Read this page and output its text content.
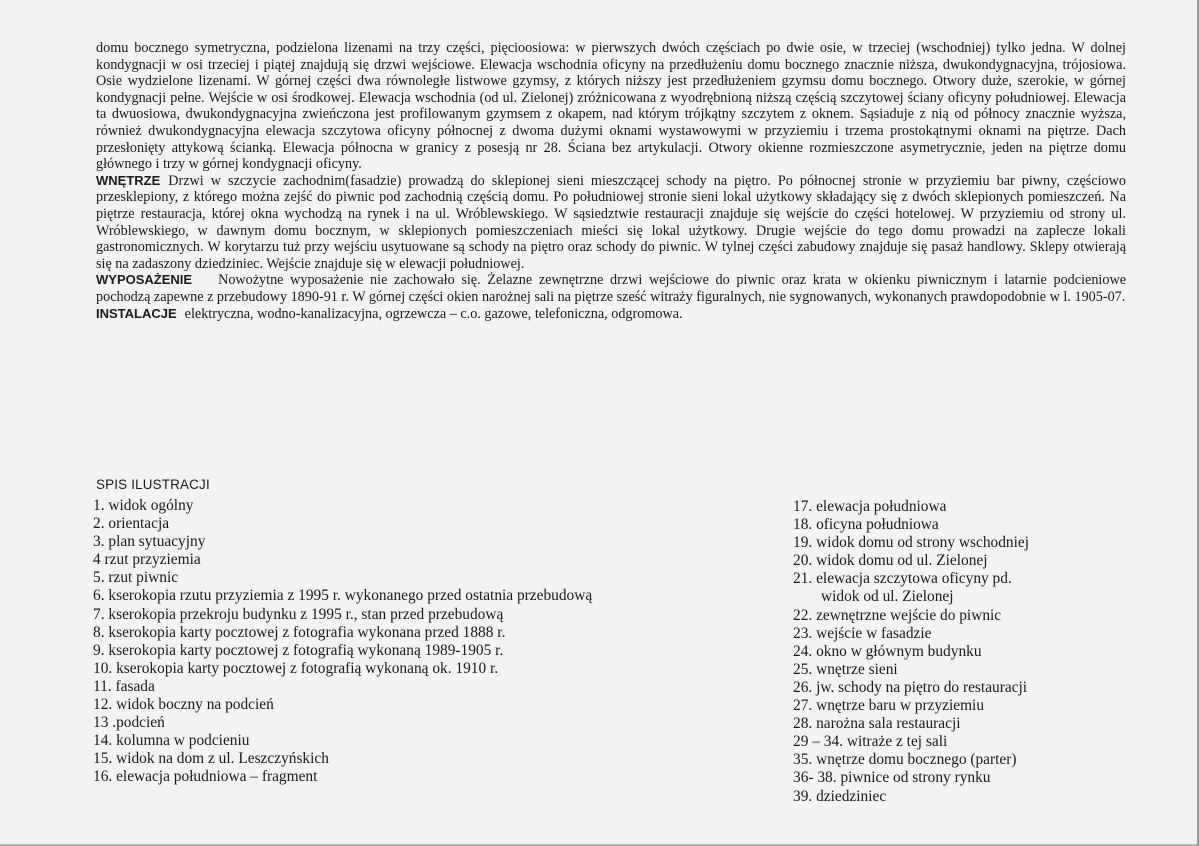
domu bocznego symetryczna, podzielona lizenami na trzy części, pięcioosiowa: w pierwszych dwóch częściach po dwie osie, w trzeciej (wschodniej) tylko jedna. W dolnej kondygnacji w osi trzeciej i piątej znajdują się drzwi wejściowe. Elewacja wschodnia oficyny na przedłużeniu domu bocznego znacznie niższa, dwukondygnacyjna, trójosiowa. Osie wydzielone lizenami. W górnej części dwa równoległe listwowe gzymsy, z których niższy jest przedłużeniem gzymsu domu bocznego. Otwory duże, szerokie, w górnej kondygnacji pełne. Wejście w osi środkowej. Elewacja wschodnia (od ul. Zielonej) zróżnicowana z wyodrębnioną niższą częścią szczytowej ściany oficyny południowej. Elewacja ta dwuosiowa, dwukondygnacyjna zwieńczona jest profilowanym gzymsem z okapem, nad którym trójkątny szczytem z oknem. Sąsiaduje z nią od północy znacznie wyższa, również dwukondygnacyjna elewacja szczytowa oficyny północnej z dwoma dużymi oknami wystawowymi w przyziemiu i trzema prostokątnymi oknami na piętrze. Dach przesłonięty attykową ścianką. Elewacja północna w granicy z posesją nr 28. Ściana bez artykulacji. Otwory okienne rozmieszczone asymetrycznie, jeden na piętrze domu głównego i trzy w górnej kondygnacji oficyny.

WNĘTRZE Drzwi w szczycie zachodnim(fasadzie) prowadzą do sklepionej sieni mieszczącej schody na piętro. Po północnej stronie w przyziemiu bar piwny, częściowo przesklepiony, z którego można zejść do piwnic pod zachodnią częścią domu. Po południowej stronie sieni lokal użytkowy składający się z dwóch sklepionych pomieszczeń. Na piętrze restauracja, której okna wychodzą na rynek i na ul. Wróblewskiego. W sąsiedztwie restauracji znajduje się wejście do części hotelowej. W przyziemiu od strony ul. Wróblewskiego, w dawnym domu bocznym, w sklepionych pomieszczeniach mieści się lokal użytkowy. Drugie wejście do tego domu prowadzi na zaplecze lokali gastronomicznych. W korytarzu tuż przy wejściu usytuowane są schody na piętro oraz schody do piwnic. W tylnej części zabudowy znajduje się pasaż handlowy. Sklepy otwierają się na zadaszony dziedziniec. Wejście znajduje się w elewacji południowej.

WYPOSAŻENIE Nowożytne wyposażenie nie zachowało się. Żelazne zewnętrzne drzwi wejściowe do piwnic oraz krata w okienku piwnicznym i latarnie podcieniowe pochodzą zapewne z przebudowy 1890-91 r. W górnej części okien narożnej sali na piętrze sześć witraży figuralnych, nie sygnowanych, wykonanych prawdopodobnie w l. 1905-07.

INSTALACJE elektryczna, wodno-kanalizacyjna, ogrzewcza – c.o. gazowe, telefoniczna, odgromowa.

SPIS ILUSTRACJI
1. widok ogólny
2. orientacja
3. plan sytuacyjny
4 rzut przyziemia
5. rzut piwnic
6. kserokopia rzutu przyziemia z 1995 r. wykonanego przed ostatnia przebudową
7. kserokopia przekroju budynku z 1995 r., stan przed przebudową
8. kserokopia karty pocztowej z fotografia wykonana przed 1888 r.
9. kserokopia karty pocztowej z fotografią wykonaną 1989-1905 r.
10. kserokopia karty pocztowej z fotografią wykonaną ok. 1910 r.
11. fasada
12. widok boczny na podcień
13 .podcień
14. kolumna w podcieniu
15. widok na dom z ul. Leszczyńskich
16. elewacja południowa – fragment
17. elewacja południowa
18. oficyna południowa
19. widok domu od strony wschodniej
20. widok domu od ul. Zielonej
21. elewacja szczytowa oficyny pd.
widok od ul. Zielonej
22. zewnętrzne wejście do piwnic
23. wejście w fasadzie
24. okno w głównym budynku
25. wnętrze sieni
26. jw. schody na piętro do restauracji
27. wnętrze baru w przyziemiu
28. narożna sala restauracji
29 – 34. witraże z tej sali
35. wnętrze domu bocznego (parter)
36- 38. piwnice od strony rynku
39. dziedziniec
